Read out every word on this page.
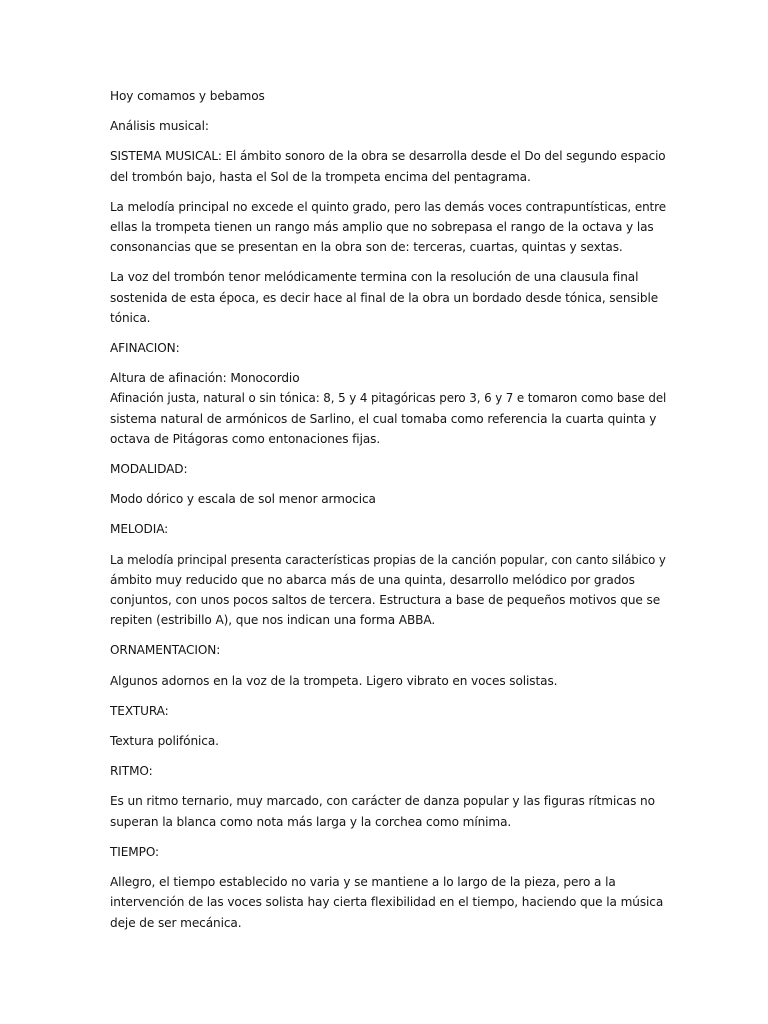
Hoy comamos y bebamos
Análisis musical:
SISTEMA MUSICAL: El ámbito sonoro de la obra se desarrolla desde el Do del segundo espaciodel trombón bajo, hasta el Sol de la trompeta encima del pentagrama.
La melodía principal no excede el quinto grado, pero las demás voces contrapuntísticas, entreellas la trompeta tienen un rango más amplio que no sobrepasa el rango de la octava y lasconsonancias que se presentan en la obra son de: terceras, cuartas, quintas y sextas.
La voz del trombón tenor melódicamente termina con la resolución de una clausula finalsostenida de esta época, es decir hace al final de la obra un bordado desde tónica, sensibletónica.
AFINACION:
Altura de afinación: MonocordioAfinación justa, natural o sin tónica: 8, 5 y 4 pitagóricas pero 3, 6 y 7 e tomaron como base delsistema natural de armónicos de Sarlino, el cual tomaba como referencia la cuarta quinta yoctava de Pitágoras como entonaciones fijas.
MODALIDAD:
Modo dórico y escala de sol menor armocica
MELODIA:
La melodía principal presenta características propias de la canción popular, con canto silábico yámbito muy reducido que no abarca más de una quinta, desarrollo melódico por gradosconjuntos, con unos pocos saltos de tercera. Estructura a base de pequeños motivos que serepiten (estribillo A), que nos indican una forma ABBA.
ORNAMENTACION:
Algunos adornos en la voz de la trompeta. Ligero vibrato en voces solistas.
TEXTURA:
Textura polifónica.
RITMO:
Es un ritmo ternario, muy marcado, con carácter de danza popular y las figuras rítmicas nosuperan la blanca como nota más larga y la corchea como mínima.
TIEMPO:
Allegro, el tiempo establecido no varia y se mantiene a lo largo de la pieza, pero a laintervención de las voces solista hay cierta flexibilidad en el tiempo, haciendo que la músicadeje de ser mecánica.
